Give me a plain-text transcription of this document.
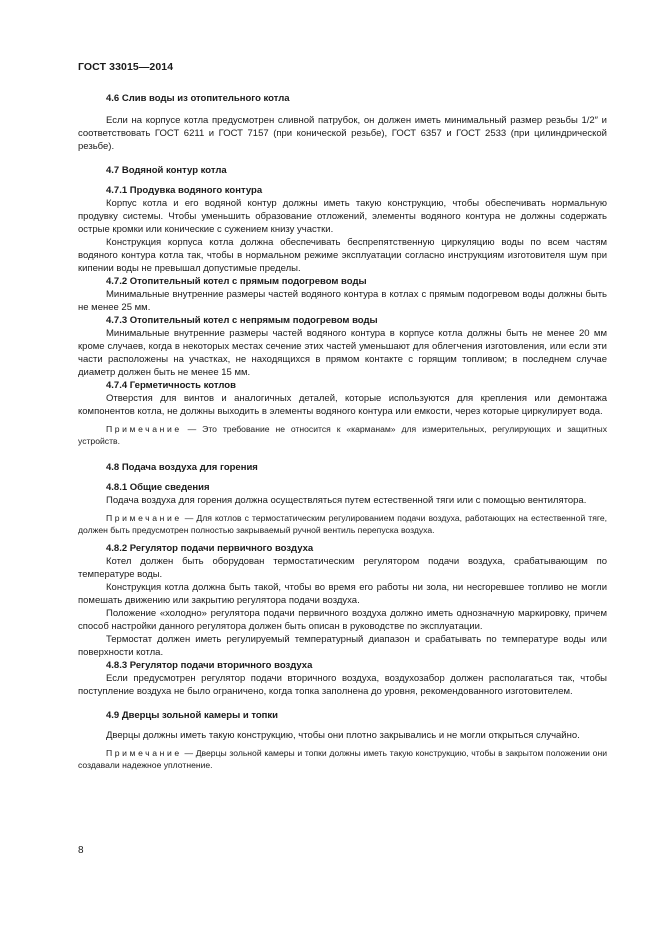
ГОСТ 33015—2014
4.6 Слив воды из отопительного котла

Если на корпусе котла предусмотрен сливной патрубок, он должен иметь минимальный размер резьбы 1/2″ и соответствовать ГОСТ 6211 и ГОСТ 7157 (при конической резьбе), ГОСТ 6357 и ГОСТ 2533 (при цилиндрической резьбе).

4.7 Водяной контур котла
4.7.1 Продувка водяного контура

Корпус котла и его водяной контур должны иметь такую конструкцию, чтобы обеспечивать нормальную продувку системы. Чтобы уменьшить образование отложений, элементы водяного контура не должны содержать острые кромки или конические с сужением книзу участки.

Конструкция корпуса котла должна обеспечивать беспрепятственную циркуляцию воды по всем частям водяного контура котла так, чтобы в нормальном режиме эксплуатации согласно инструкциям изготовителя шум при кипении воды не превышал допустимые пределы.

4.7.2 Отопительный котел с прямым подогревом воды

Минимальные внутренние размеры частей водяного контура в котлах с прямым подогревом воды должны быть не менее 25 мм.

4.7.3 Отопительный котел с непрямым подогревом воды

Минимальные внутренние размеры частей водяного контура в корпусе котла должны быть не менее 20 мм кроме случаев, когда в некоторых местах сечение этих частей уменьшают для облегчения изготовления, или если эти части расположены на участках, не находящихся в прямом контакте с горящим топливом; в последнем случае диаметр должен быть не менее 15 мм.

4.7.4 Герметичность котлов

Отверстия для винтов и аналогичных деталей, которые используются для крепления или демонтажа компонентов котла, не должны выходить в элементы водяного контура или емкости, через которые циркулирует вода.

Примечание — Это требование не относится к «карманам» для измерительных, регулирующих и защитных устройств.

4.8 Подача воздуха для горения
4.8.1 Общие сведения

Подача воздуха для горения должна осуществляться путем естественной тяги или с помощью вентилятора.

Примечание — Для котлов с термостатическим регулированием подачи воздуха, работающих на естественной тяге, должен быть предусмотрен полностью закрываемый ручной вентиль перепуска воздуха.

4.8.2 Регулятор подачи первичного воздуха

Котел должен быть оборудован термостатическим регулятором подачи воздуха, срабатывающим по температуре воды.

Конструкция котла должна быть такой, чтобы во время его работы ни зола, ни несгоревшее топливо не могли помешать движению или закрытию регулятора подачи воздуха.

Положение «холодно» регулятора подачи первичного воздуха должно иметь однозначную маркировку, причем способ настройки данного регулятора должен быть описан в руководстве по эксплуатации.

Термостат должен иметь регулируемый температурный диапазон и срабатывать по температуре воды или поверхности котла.

4.8.3 Регулятор подачи вторичного воздуха

Если предусмотрен регулятор подачи вторичного воздуха, воздухозабор должен располагаться так, чтобы поступление воздуха не было ограничено, когда топка заполнена до уровня, рекомендованного изготовителем.

4.9 Дверцы зольной камеры и топки

Дверцы должны иметь такую конструкцию, чтобы они плотно закрывались и не могли открыться случайно.

Примечание — Дверцы зольной камеры и топки должны иметь такую конструкцию, чтобы в закрытом положении они создавали надежное уплотнение.

8
